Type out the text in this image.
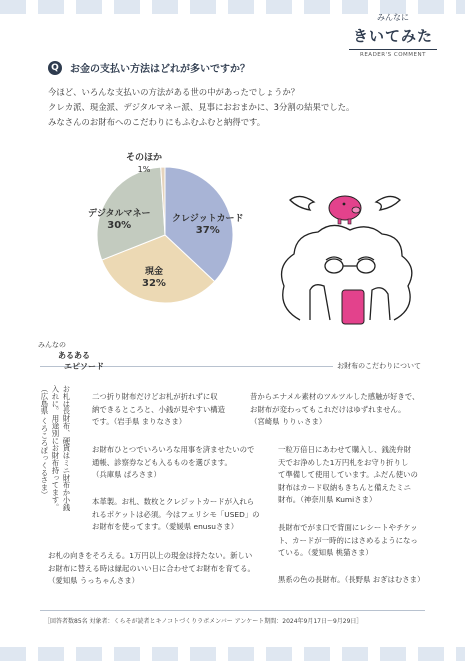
みんなに
きいてみた
READER'S COMMENT
Q	お金の支払い方法はどれが多いですか？
今ほど、いろんな支払いの方法がある世の中があったでしょうか？
クレカ派、現金派、デジタルマネー派、見事におおまかに、3分割の結果でした。
みなさんのお財布へのこだわりにもふむふむと納得です。
クレジットカード
37%
現金
32%
デジタルマネー
30%
そのほか
1%
みんなの
あるある
エピソード	お財布のこだわりについて
お札は長財布、硬貨はミニ財布か小銭
入れに。用途別にお財布持ってます。
（広島県 くろころぽっくるさま）	二つ折り財布だけどお札が折れずに収
納できるところと、小銭が見やすい構造
です。（岩手県 まりなさま）
お財布ひとつでいろいろな用事を済ませたいので
通帳、診察券なども入るものを選びます。
（兵庫県 ぱろさま）
本革製。お札、数枚とクレジットカードが入れら
れるポケットは必須。今はフェリシモ「USED」の
お財布を使ってます。（愛媛県 enusuさま）
お札の向きをそろえる。1万円以上の現金は持たない。新しい
お財布に替える時は縁起のいい日に合わせてお財布を育てる。
（愛知県 うっちゃんさま）
昔からエナメル素材のツルツルした感触が好きで、
お財布が変わってもこれだけはゆずれません。
（宮崎県 りりぃさま）
一粒万倍日にあわせて購入し、銭洗弁財
天でお浄めした1万円札をお守り折りし
て準備して使用しています。ふだん使いの
財布はカード収納もきちんと備えたミニ
財布。（神奈川県 Kumiさま）
長財布でがま口で背面にレシートやチケッ
ト、カードが一時的にはさめるようになっ
ている。（愛知県 桃猫さま）
黒系の色の長財布。（長野県 おぎはむさま）
［回答者数85名 対象者：くらそが読者とキノコトづくりラボメンバー アンケート期間：2024年9月17日〜9月29日］
